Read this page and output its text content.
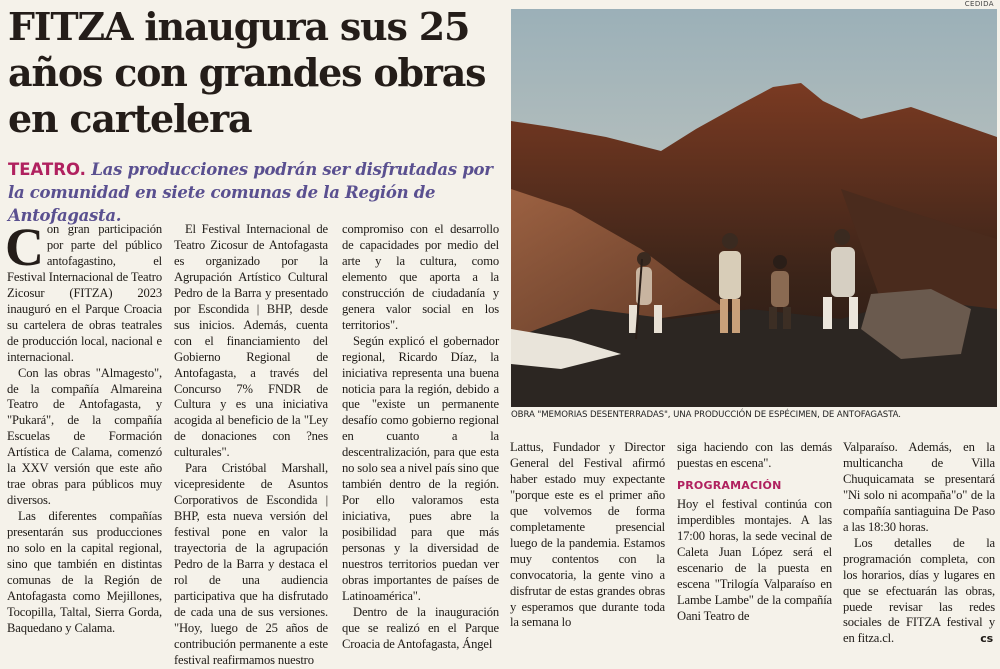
FITZA inaugura sus 25 años con grandes obras en cartelera

TEATRO. Las producciones podrán ser disfrutadas por la comunidad en siete comunas de la Región de Antofagasta.

Con gran participación por parte del público antofagastino, el Festival Internacional de Teatro Zicosur (FITZA) 2023 inauguró en el Parque Croacia su cartelera de obras teatrales de producción local, nacional e internacional.

Con las obras "Almagesto", de la compañía Almareina Teatro de Antofagasta, y "Pukará", de la compañía Escuelas de Formación Artística de Calama, comenzó la XXV versión que este año trae obras para públicos muy diversos.

Las diferentes compañías presentarán sus producciones no solo en la capital regional, sino que también en distintas comunas de la Región de Antofagasta como Mejillones, Tocopilla, Taltal, Sierra Gorda, Baquedano y Calama.

El Festival Internacional de Teatro Zicosur de Antofagasta es organizado por la Agrupación Artístico Cultural Pedro de la Barra y presentado por Escondida | BHP, desde sus inicios. Además, cuenta con el financiamiento del Gobierno Regional de Antofagasta, a través del Concurso 7% FNDR de Cultura y es una iniciativa acogida al beneficio de la "Ley de donaciones con ?nes culturales".

Para Cristóbal Marshall, vicepresidente de Asuntos Corporativos de Escondida | BHP, esta nueva versión del festival pone en valor la trayectoria de la agrupación Pedro de la Barra y destaca el rol de una audiencia participativa que ha disfrutado de cada una de sus versiones. "Hoy, luego de 25 años de contribución permanente a este festival reafirmamos nuestro

compromiso con el desarrollo de capacidades por medio del arte y la cultura, como elemento que aporta a la construcción de ciudadanía y genera valor social en los territorios".

Según explicó el gobernador regional, Ricardo Díaz, la iniciativa representa una buena noticia para la región, debido a que "existe un permanente desafío como gobierno regional en cuanto a la descentralización, para que esta no solo sea a nivel país sino que también dentro de la región. Por ello valoramos esta iniciativa, pues abre la posibilidad para que más personas y la diversidad de nuestros territorios puedan ver obras importantes de países de Latinoamérica".

Dentro de la inauguración que se realizó en el Parque Croacia de Antofagasta, Ángel

Lattus, Fundador y Director General del Festival afirmó haber estado muy expectante "porque este es el primer año que volvemos de forma completamente presencial luego de la pandemia. Estamos muy contentos con la convocatoria, la gente vino a disfrutar de estas grandes obras y esperamos que durante toda la semana lo

siga haciendo con las demás puestas en escena".

PROGRAMACIÓN

Hoy el festival continúa con imperdibles montajes. A las 17:00 horas, la sede vecinal de Caleta Juan López será el escenario de la puesta en escena "Trilogía Valparaíso en Lambe Lambe" de la compañía Oani Teatro de

Valparaíso. Además, en la multicancha de Villa Chuquicamata se presentará "Ni solo ni acompaña"o" de la compañía santiaguina De Paso a las 18:30 horas.

Los detalles de la programación completa, con los horarios, días y lugares en que se efectuarán las obras, puede revisar las redes sociales de FITZA festival y en fitza.cl.	cs

CEDIDA
OBRA "MEMORIAS DESENTERRADAS", UNA PRODUCCIÓN DE ESPÉCIMEN, DE ANTOFAGASTA.
